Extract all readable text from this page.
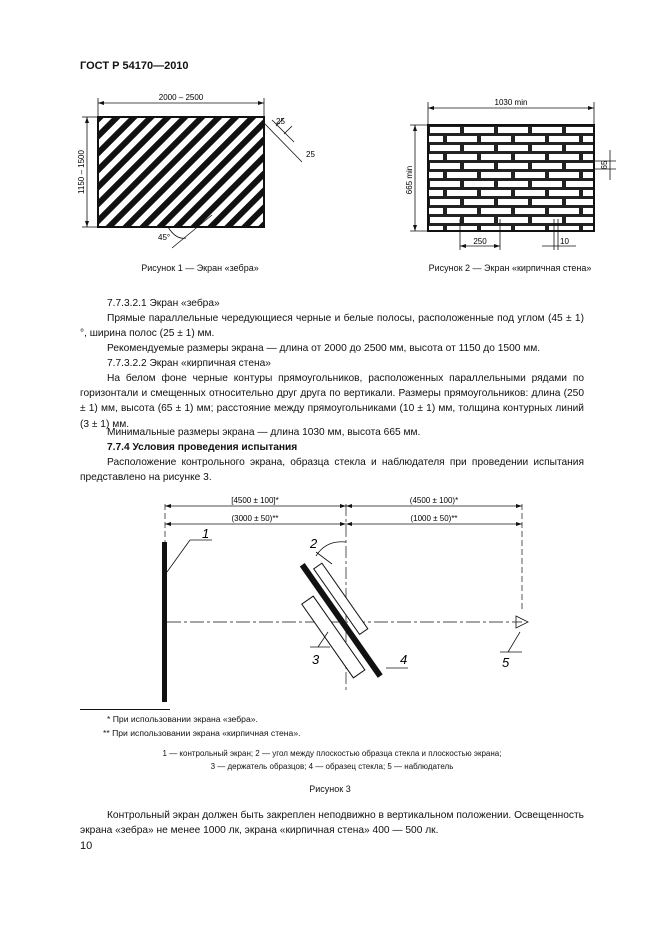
ГОСТ Р 54170—2010
2000 – 2500
1150 – 1500
25
25
45°
Рисунок 1 — Экран «зебра»
1030 min
665 min
65
250	10
Рисунок 2 — Экран «кирпичная стена»
7.7.3.2.1 Экран «зебра»
Прямые параллельные чередующиеся черные и белые полосы, расположенные под углом (45 ± 1)°, ширина полос (25 ± 1) мм.
Рекомендуемые размеры экрана — длина от 2000 до 2500 мм, высота от 1150 до 1500 мм.
7.7.3.2.2 Экран «кирпичная стена»
На белом фоне черные контуры прямоугольников, расположенных параллельными рядами по горизонтали и смещенных относительно друг друга по вертикали. Размеры прямоугольников: длина (250 ± 1) мм, высота (65 ± 1) мм; расстояние между прямоугольниками (10 ± 1) мм, толщина контурных линий (3 ± 1) мм.
Минимальные размеры экрана — длина 1030 мм, высота 665 мм.
7.7.4 Условия проведения испытания
Расположение контрольного экрана, образца стекла и наблюдателя при проведении испытания представлено на рисунке 3.
[4500 ± 100]*
(3000 ± 50)**
(4500 ± 100)*
(1000 ± 50)**
1
2
3	4	5
* При использовании экрана «зебра».
** При использовании экрана «кирпичная стена».
1 — контрольный экран; 2 — угол между плоскостью образца стекла и плоскостью экрана;
3 — держатель образцов; 4 — образец стекла; 5 — наблюдатель
Рисунок 3
Контрольный экран должен быть закреплен неподвижно в вертикальном положении. Освещенность экрана «зебра» не менее 1000 лк, экрана «кирпичная стена» 400 — 500 лк.
10
